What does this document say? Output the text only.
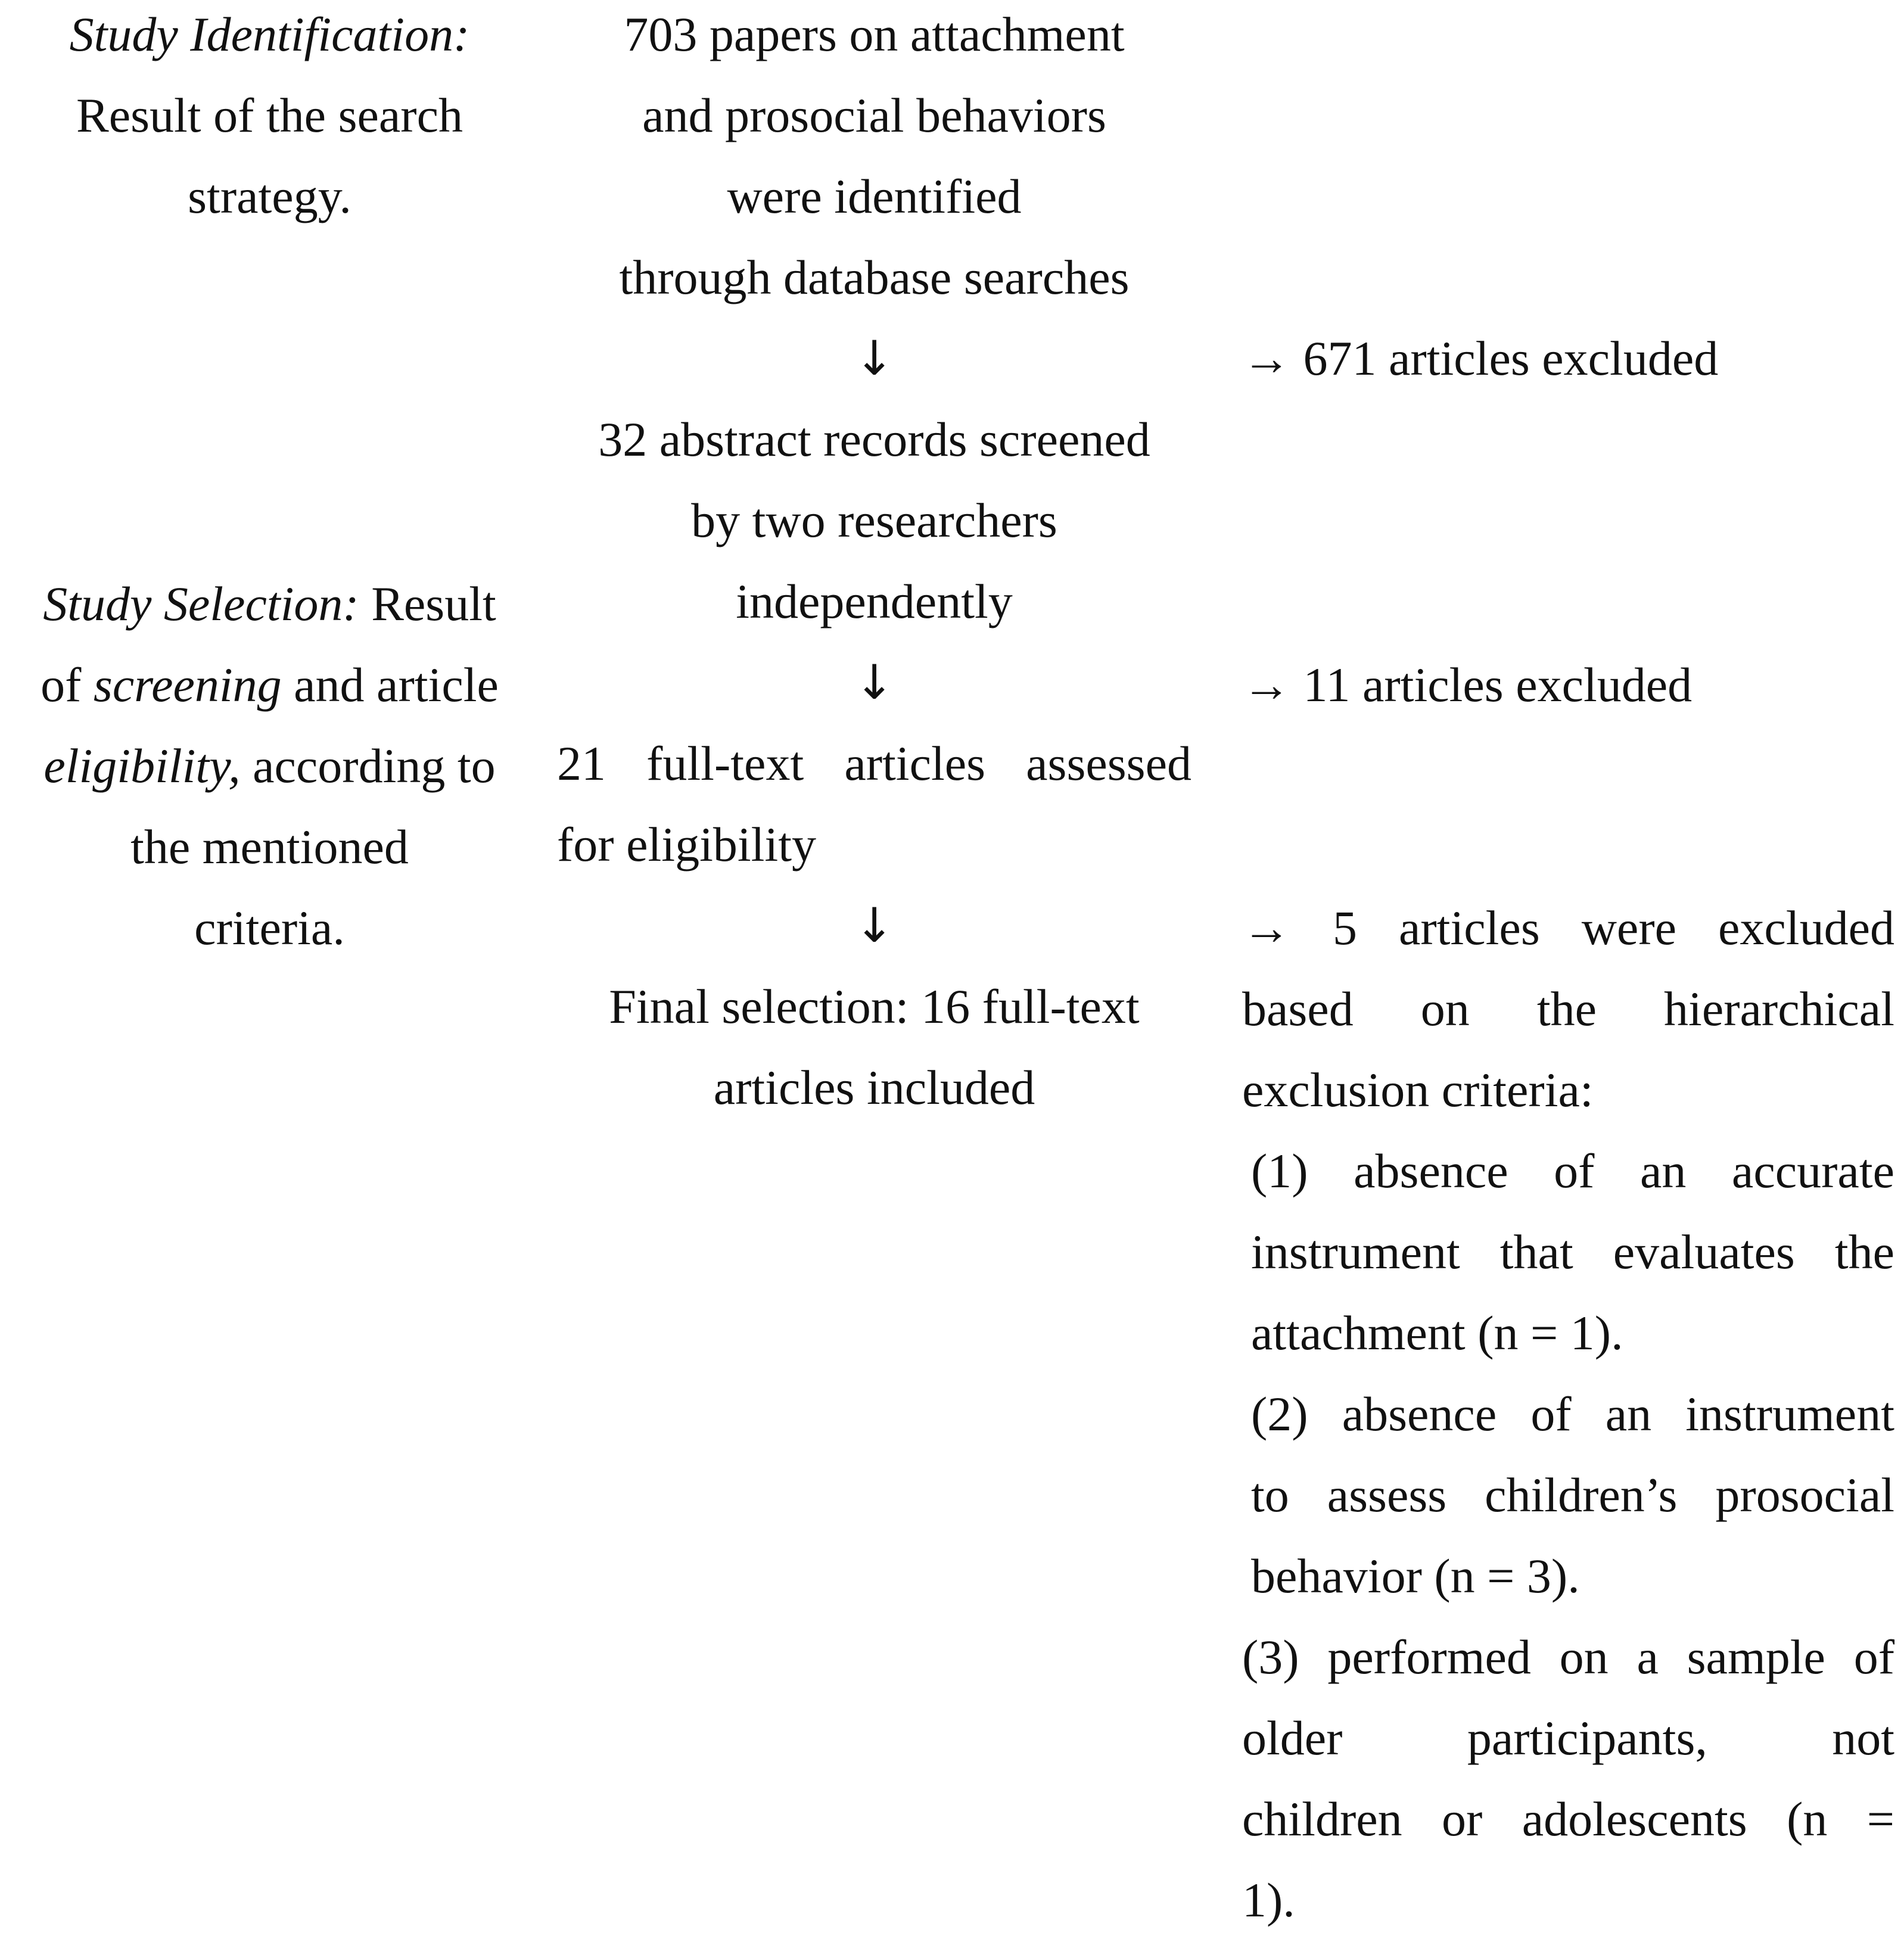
Study Identification:
Result of the search
strategy.
Study Selection: Result
of screening and article
eligibility, according to
the mentioned
criteria.
703 papers on attachment
and prosocial behaviors
were identified
through database searches
↓
32 abstract records screened
by two researchers
independently
↓
21 full-text articles assessed
for eligibility
↓
Final selection: 16 full-text
articles included
→ 671 articles excluded
→ 11 articles excluded
→ 5 articles were excluded
based on the hierarchical
exclusion criteria:
(1) absence of an accurate
instrument that evaluates the
attachment (n = 1).
(2) absence of an instrument
to assess children’s prosocial
behavior (n = 3).
(3) performed on a sample of
older participants, not
children or adolescents (n =
1).
